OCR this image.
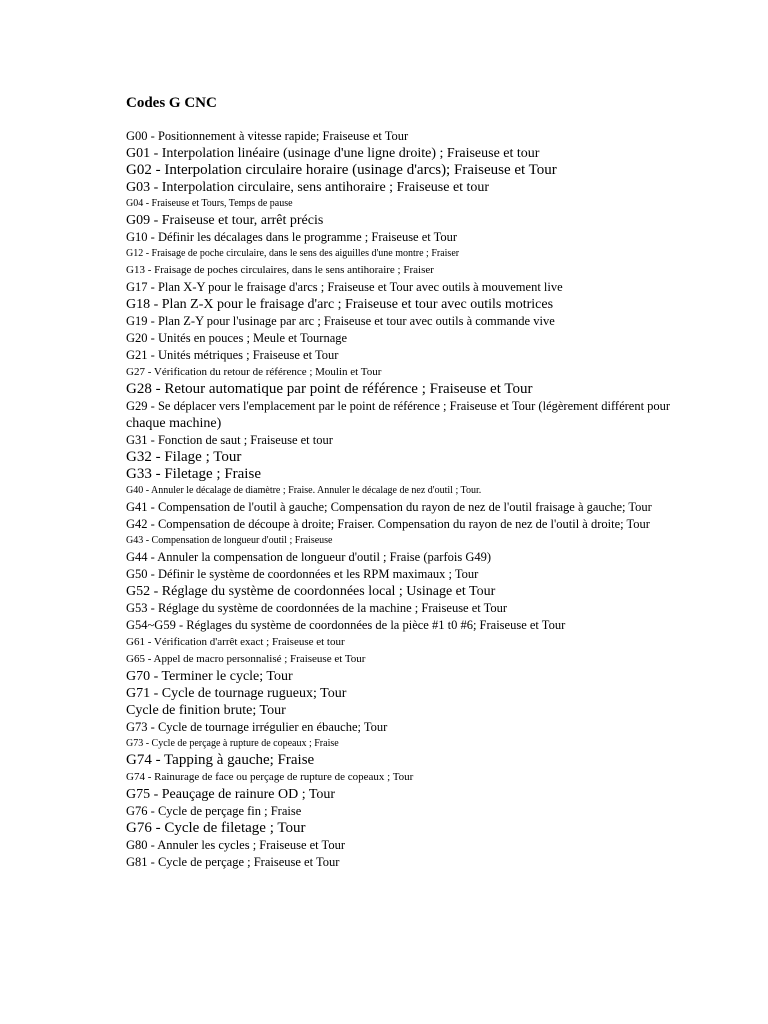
Codes G CNC
G00 - Positionnement à vitesse rapide; Fraiseuse et Tour
G01 - Interpolation linéaire (usinage d'une ligne droite) ; Fraiseuse et tour
G02 - Interpolation circulaire horaire (usinage d'arcs); Fraiseuse et Tour
G03 - Interpolation circulaire, sens antihoraire ; Fraiseuse et tour
G04 - Fraiseuse et Tours, Temps de pause
G09 - Fraiseuse et tour, arrêt précis
G10 - Définir les décalages dans le programme ; Fraiseuse et Tour
G12 - Fraisage de poche circulaire, dans le sens des aiguilles d'une montre ; Fraiser
G13 - Fraisage de poches circulaires, dans le sens antihoraire ; Fraiser
G17 - Plan X-Y pour le fraisage d'arcs ; Fraiseuse et Tour avec outils à mouvement live
G18 - Plan Z-X pour le fraisage d'arc ; Fraiseuse et tour avec outils motrices
G19 - Plan Z-Y pour l'usinage par arc ; Fraiseuse et tour avec outils à commande vive
G20 - Unités en pouces ; Meule et Tournage
G21 - Unités métriques ; Fraiseuse et Tour
G27 - Vérification du retour de référence ; Moulin et Tour
G28 - Retour automatique par point de référence ; Fraiseuse et Tour
G29 - Se déplacer vers l'emplacement par le point de référence ; Fraiseuse et Tour (légèrement différent pour
chaque machine)
G31 - Fonction de saut ; Fraiseuse et tour
G32 - Filage ; Tour
G33 - Filetage ; Fraise
G40 - Annuler le décalage de diamètre ; Fraise. Annuler le décalage de nez d'outil ; Tour.
G41 - Compensation de l'outil à gauche; Compensation du rayon de nez de l'outil fraisage à gauche; Tour
G42 - Compensation de découpe à droite; Fraiser. Compensation du rayon de nez de l'outil à droite; Tour
G43 - Compensation de longueur d'outil ; Fraiseuse
G44 - Annuler la compensation de longueur d'outil ; Fraise (parfois G49)
G50 - Définir le système de coordonnées et les RPM maximaux ; Tour
G52 - Réglage du système de coordonnées local ; Usinage et Tour
G53 - Réglage du système de coordonnées de la machine ; Fraiseuse et Tour
G54~G59 - Réglages du système de coordonnées de la pièce #1 t0 #6; Fraiseuse et Tour
G61 - Vérification d'arrêt exact ; Fraiseuse et tour
G65 - Appel de macro personnalisé ; Fraiseuse et Tour
G70 - Terminer le cycle; Tour
G71 - Cycle de tournage rugueux; Tour
Cycle de finition brute; Tour
G73 - Cycle de tournage irrégulier en ébauche; Tour
G73 - Cycle de perçage à rupture de copeaux ; Fraise
G74 - Tapping à gauche; Fraise
G74 - Rainurage de face ou perçage de rupture de copeaux ; Tour
G75 - Peauçage de rainure OD ; Tour
G76 - Cycle de perçage fin ; Fraise
G76 - Cycle de filetage ; Tour
G80 - Annuler les cycles ; Fraiseuse et Tour
G81 - Cycle de perçage ; Fraiseuse et Tour
